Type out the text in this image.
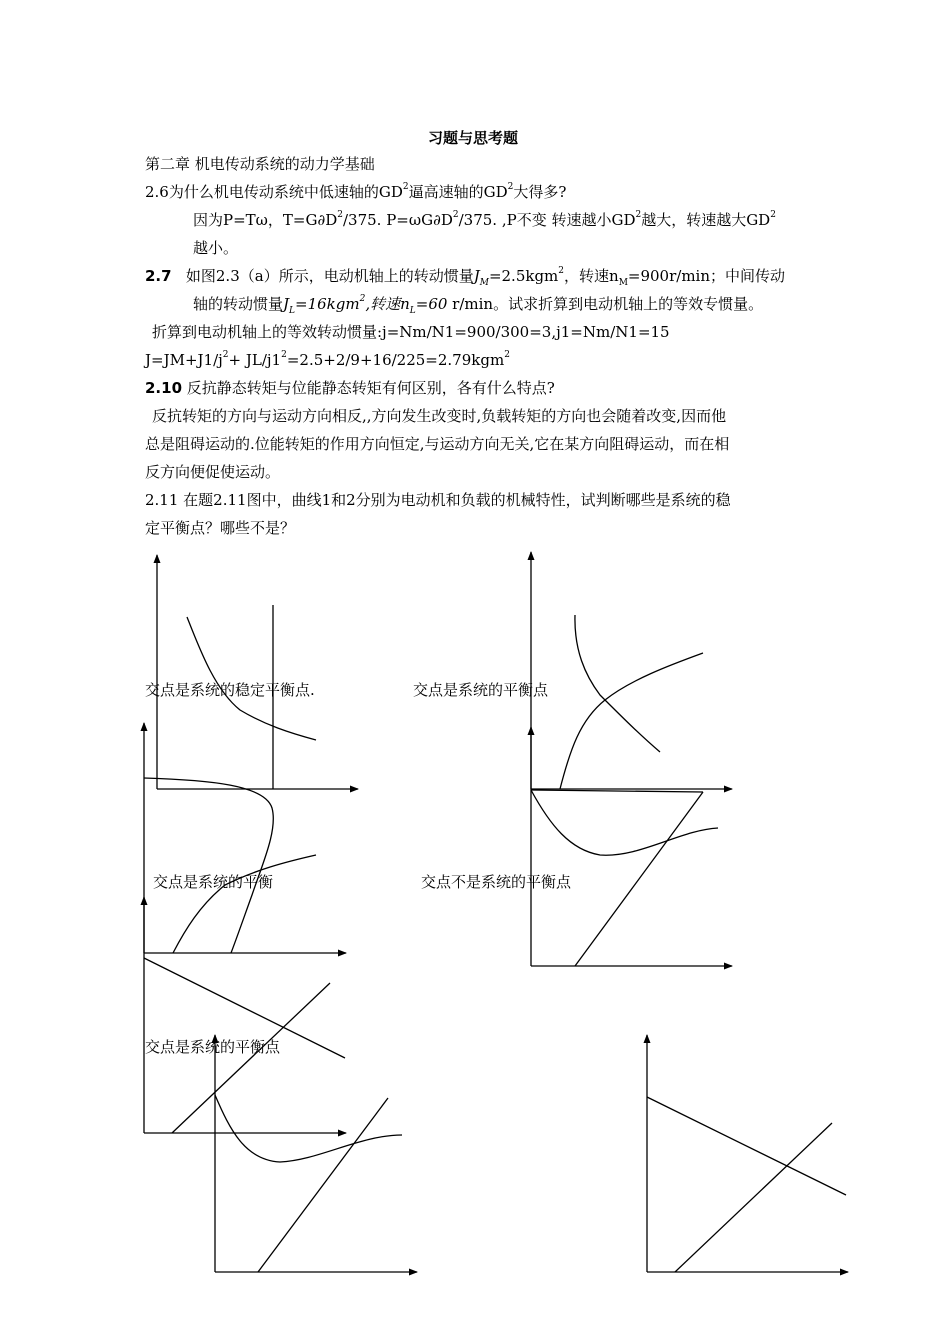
习题与思考题
第二章 机电传动系统的动力学基础
2.6为什么机电传动系统中低速轴的$GD^2$逼高速轴的$GD^2$大得多?
因为P=Tω，$T=G\partial D^2/375$. $P=\omega G\partial D^2/375$. ,P不变 转速越小$GD^2$越大，转速越大$GD^2$
越小。
2.7 如图2.3（a）所示，电动机轴上的转动惯量$J_M=2.5kgm^2$，转速$n_M=900r/\min$；中间传动
轴的转动惯量$J_L=16kgm^2$,转速$n_L=60$ r/min。试求折算到电动机轴上的等效专惯量。
折算到电动机轴上的等效转动惯量:j=Nm/N1=900/300=3,j1=Nm/N1=15
$J=JM+J1/j^2+ JL/j1^2=2.5+2/9+16/225=2.79kgm^2$
2.10 反抗静态转矩与位能静态转矩有何区别，各有什么特点?
反抗转矩的方向与运动方向相反,,方向发生改变时,负载转矩的方向也会随着改变,因而他
总是阻碍运动的.位能转矩的作用方向恒定,与运动方向无关,它在某方向阻碍运动，而在相
反方向便促使运动。
2.11 在题2.11图中，曲线1和2分别为电动机和负载的机械特性，试判断哪些是系统的稳
定平衡点？哪些不是？
交点是系统的稳定平衡点.	交点是系统的平衡点
交点是系统的平衡	交点不是系统的平衡点
交点是系统的平衡点
